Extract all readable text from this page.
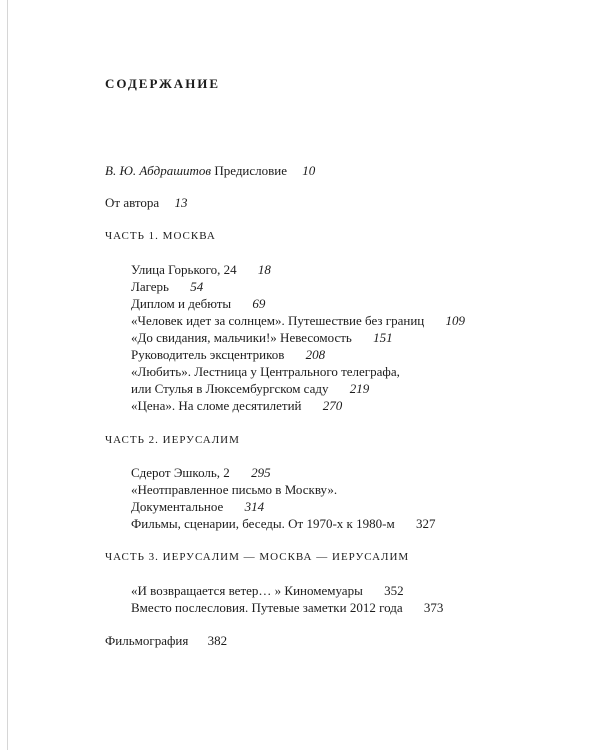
СОДЕРЖАНИЕ
В. Ю. Абдрашитов Предисловие 10
От автора 13
ЧАСТЬ 1. МОСКВА
Улица Горького, 24 18
Лагерь 54
Диплом и дебюты 69
«Человек идет за солнцем». Путешествие без границ 109
«До свидания, мальчики!» Невесомость 151
Руководитель эксцентриков 208
«Любить». Лестница у Центрального телеграфа,
или Стулья в Люксембургском саду 219
«Цена». На сломе десятилетий 270
ЧАСТЬ 2. ИЕРУСАЛИМ
Сдерот Эшколь, 2 295
«Неотправленное письмо в Москву».
Документальное 314
Фильмы, сценарии, беседы. От 1970-х к 1980-м 327
ЧАСТЬ 3. ИЕРУСАЛИМ — МОСКВА — ИЕРУСАЛИМ
«И возвращается ветер… » Киномемуары 352
Вместо послесловия. Путевые заметки 2012 года 373
Фильмография 382
